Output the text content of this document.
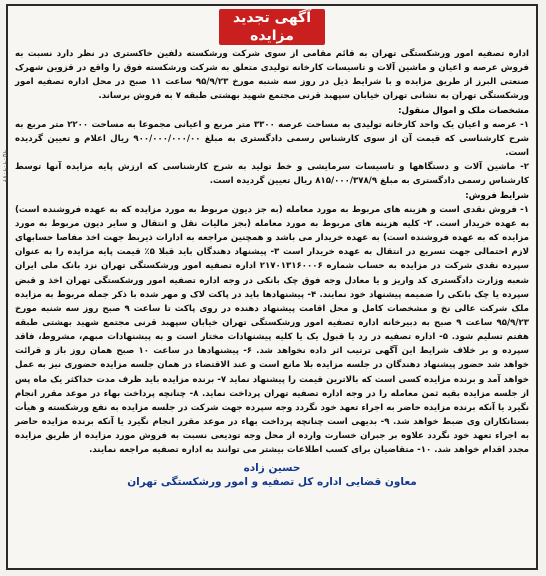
آگهی تجدید مزایده

اداره تصفیه امور ورشکستگی تهران به قائم مقامی از سوی شرکت ورشکسته دلفین خاکستری در نظر دارد نسبت به فروش عرصه و اعیان و ماشین آلات و تاسیسات کارخانه تولیدی متعلق به شرکت ورشکسته فوق را واقع در قزوین شهرک صنعتی البرز از طریق مزایده و با شرایط ذیل در روز سه شنبه مورخ ۹۵/۹/۲۳ ساعت ۱۱ صبح در محل اداره تصفیه امور ورشکستگی تهران به نشانی تهران خیابان سپهبد قرنی مجتمع شهید بهشتی طبقه ۷ به فروش برساند.

مشخصات ملک و اموال منقول:

۱- عرصه و اعیان یک واحد کارخانه تولیدی به مساحت عرصه ۳۳۰۰ متر مربع و اعیانی مجموعا به مساحت ۲۲۰۰ متر مربع به شرح کارشناسی که قیمت آن از سوی کارشناس رسمی دادگستری به مبلغ ۹۰۰/۰۰۰/۰۰۰/۰۰ ریال اعلام و تعیین گردیده است.

۲- ماشین آلات و دستگاهها و تاسیسات سرمایشی و خط تولید به شرح کارشناسی که ارزش پایه مزایده آنها توسط کارشناس رسمی دادگستری به مبلغ ۸۱۵/۰۰۰/۳۷۸/۹ ریال تعیین گردیده است.

شرایط فروش:

۱- فروش نقدی است و هزینه های مربوط به مورد معامله (به جز دیون مربوط به مورد مزایده که به عهده فروشنده است) به عهده خریدار است. ۲- کلیه هزینه های مربوط به مورد معامله (بجز مالیات نقل و انتقال و سایر دیون مربوط به مورد مزایده که به عهده فروشنده است) به عهده خریدار می باشد و همچنین مراجعه به ادارات ذیربط جهت اخذ مفاصا حسابهای لازم احتمالی جهت تسریع در انتقال به عهده خریدار است ۳- پیشنهاد دهندگان باید قبلا ۵٪ قیمت پایه مزایده را به عنوان سپرده نقدی شرکت در مزایده به حساب شماره ۲۱۷۰۱۳۱۶۰۰۰۶ اداره تصفیه امور ورشکستگی تهران نزد بانک ملی ایران شعبه وزارت دادگستری کد واریز و یا معادل وجه فوق چک بانکی در وجه اداره تصفیه امور ورشکستگی تهران اخذ و قبض سپرده یا چک بانکی را ضمیمه پیشنهاد خود نمایند. ۴- پیشنهادها باید در پاکت لاک و مهر شده با ذکر جمله مربوط به مزایده ملک شرکت عالی نخ و مشخصات کامل و محل اقامت پیشنهاد دهنده در روی پاکت تا ساعت ۹ صبح روز سه شنبه مورخ ۹۵/۹/۲۳ ساعت ۹ صبح به دبیرخانه اداره تصفیه امور ورشکستگی تهران خیابان سپهبد قرنی مجتمع شهید بهشتی طبقه هفتم تسلیم شود. ۵- اداره تصفیه در رد یا قبول یک یا کلیه پیشنهادات مختار است و به پیشنهادات مبهم، مشروط، فاقد سپرده و بر خلاف شرایط این آگهی ترتیب اثر داده نخواهد شد. ۶- پیشنهادها در ساعت ۱۰ صبح همان روز باز و قرائت خواهد شد حضور پیشنهاد دهندگان در جلسه مزایده بلا مانع است و عند الاقتضاء در همان جلسه مزایده حضوری نیز به عمل خواهد آمد و برنده مزایده کسی است که بالاترین قیمت را پیشنهاد نماید ۷- برنده مزایده باید ظرف مدت حداکثر یک ماه پس از جلسه مزایده بقیه ثمن معامله را در وجه اداره تصفیه تهران پرداخت نماید. ۸- چنانچه پرداخت بهاء در موعد مقرر انجام نگیرد یا آنکه برنده مزایده حاضر به اجراء تعهد خود نگردد وجه سپرده جهت شرکت در جلسه مزایده به نفع ورشکسته و هیأت بستانکاران وی ضبط خواهد شد. ۹- بدیهی است چنانچه پرداخت بهاء در موعد مقرر انجام نگیرد یا آنکه برنده مزایده حاضر به اجراء تعهد خود نگردد علاوه بر جبران خسارت وارده از محل وجه تودیعی نسبت به فروش مورد مزایده از طریق مزایده مجدد اقدام خواهد شد. ۱۰- متقاضیان برای کسب اطلاعات بیشتر می توانند به اداره تصفیه مراجعه نمایند.

حسین زاده
معاون قضایی اداره کل تصفیه و امور ورشکستگی تهران
۹۵۰۹۰۹۰۷۴
